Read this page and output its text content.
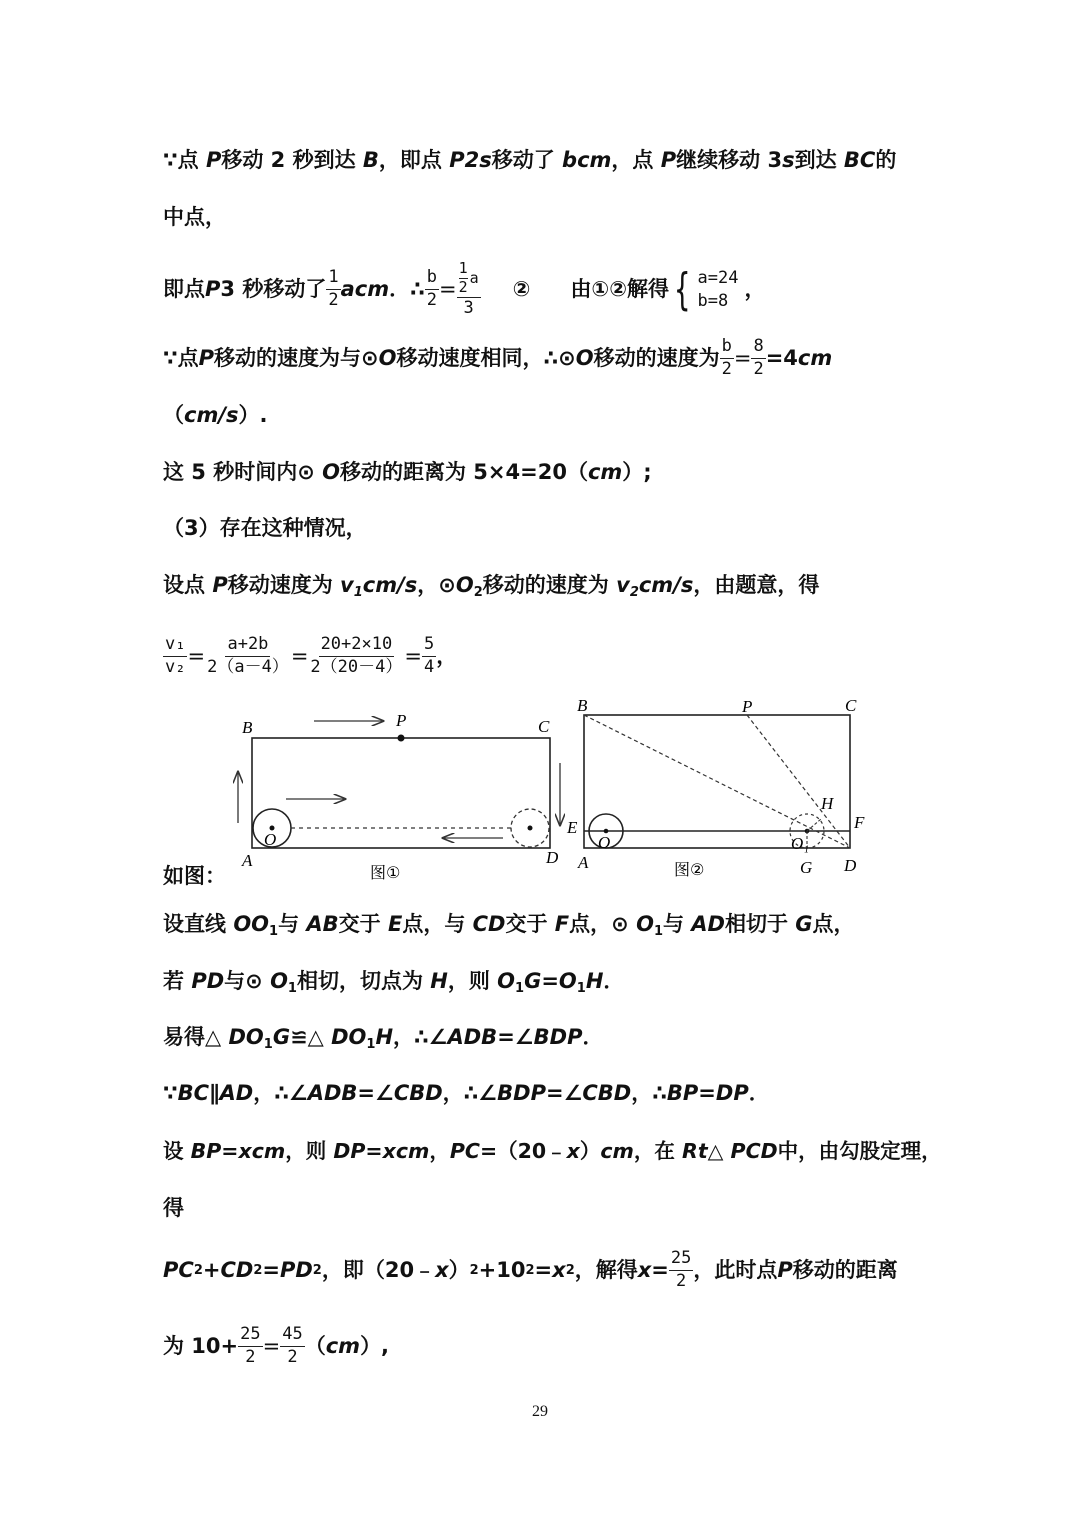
∵点 P移动 2 秒到达 B，即点 P2s移动了 bcm，点 P继续移动 3s到达 BC的
中点，
即点 P 3 秒移动了 1
2 acm ．∴ $\frac{b}{2} = 1$
2
a
3 ② 由①②解得 { a=24
b=8 ，
∵点 P 移动的速度为与⊙ O 移动速度相同，∴⊙ O 移动的速度为 $\frac{b}{2} = \frac{8}{2} =4$ cm
（cm/s）.
这 5 秒时间内⊙ O移动的距离为 5×4=20（cm）;
（3）存在这种情况，
设点 P移动速度为 $v_1cm/s$，$⊙O_2$移动的速度为 $v_2cm/s$，由题意，得
$\frac{\text{v₁}}{\text{v₂}} = \frac{a+2b}{2(a-4)} = \frac{20+2\times 10}{2(20-4)} = \frac{5}{4}$ ，
如图：
B	P	C
A	D
O
图①
B	P	C
E	F
H
A
O	O₁
G D
图②
设直线 $OO_1$与 AB交于 E点，与 CD交于 F点，⊙ $O_1$与 AD相切于 G点，
若 PD与⊙ $O_1$相切，切点为 H，则 $O_1G=O_1H$．
易得△ $DO_1G≌\triangle$ $DO_1H$，∴∠ADB=∠BDP．
∵BC∥AD，∴∠ADB=∠CBD，∴∠BDP=∠CBD，∴BP=DP．
设 BP=xcm，则 DP=xcm，PC=（20﹣x）cm，在 Rt△ PCD中，由勾股定理，
得
PC 2 + CD 2 = PD 2 ，即（20﹣ x ） 2 +10 2 = x 2 ，解得 $x = \frac{25}{2}$ ，此时点 P 移动的距离
为 $10+ \frac{25}{2} = \frac{45}{2}$ （ cm ）,
29
